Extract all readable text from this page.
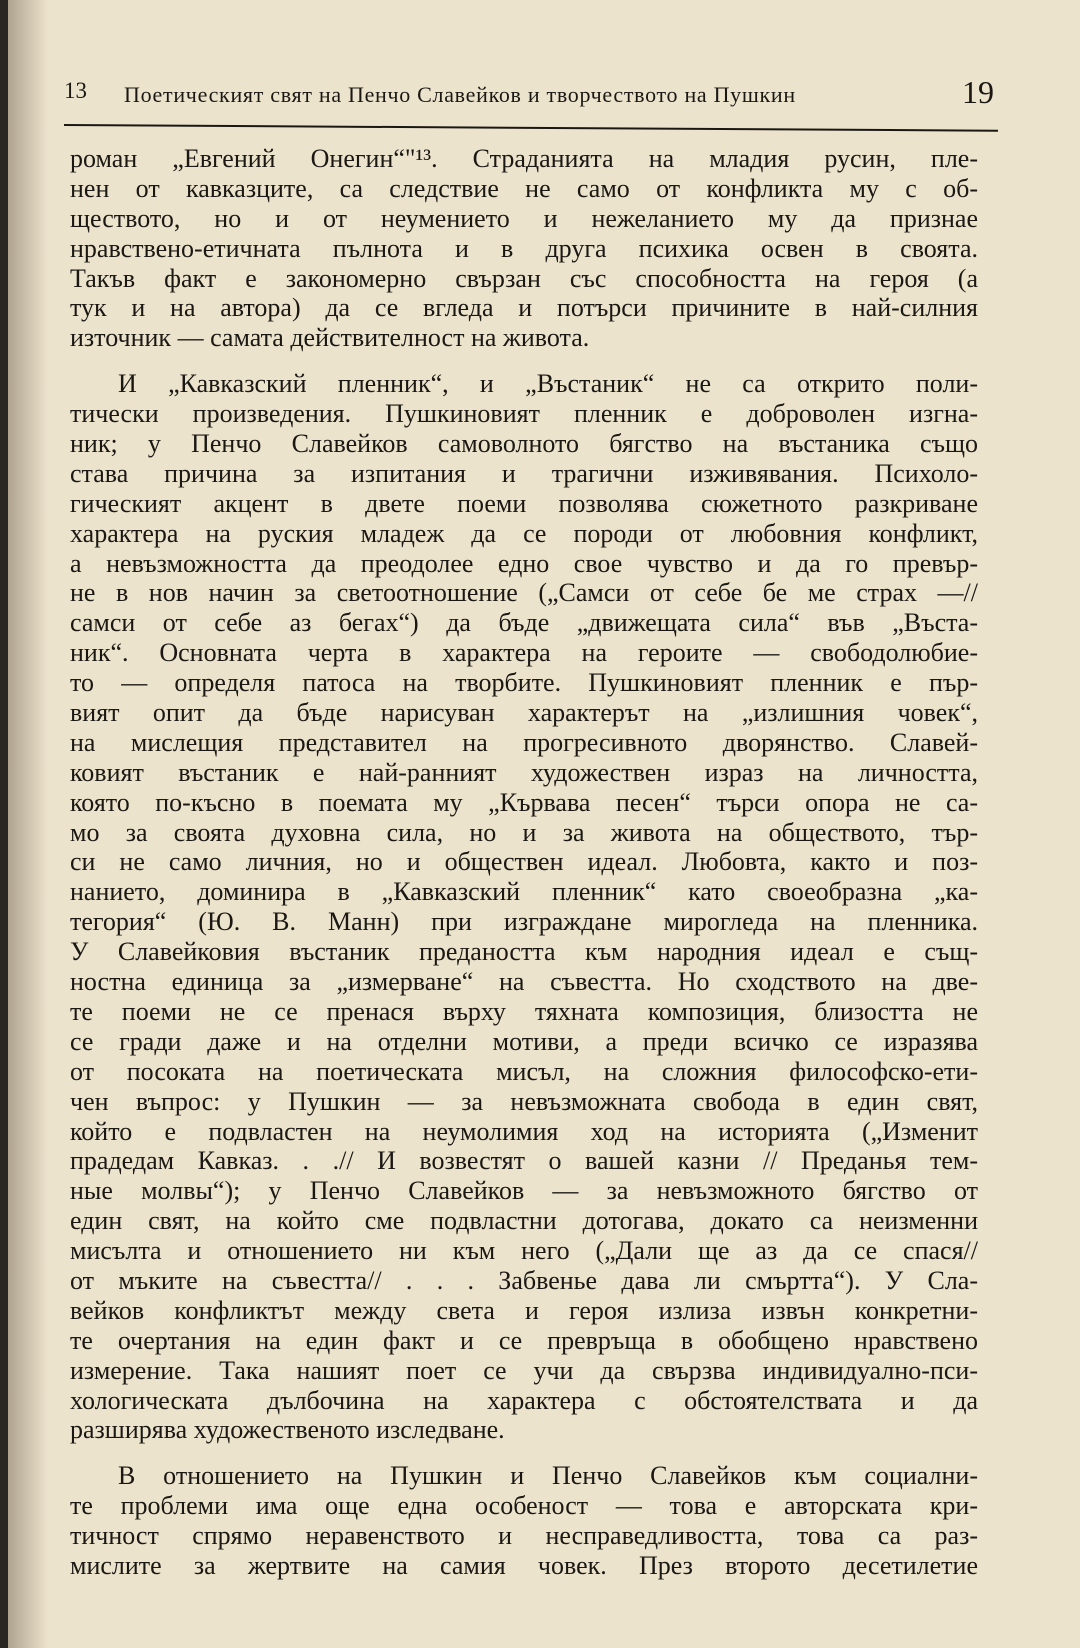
13 Поетическият свят на Пенчо Славейков и творчеството на Пушкин	19
роман „Евгений Онегин“"¹³. Страданията на младия русин, пле-
нен от кавказците, са следствие не само от конфликта му с об-
ществото, но и от неумението и нежеланието му да признае
нравствено-етичната пълнота и в друга психика освен в своята.
Такъв факт е закономерно свързан със способността на героя (а
тук и на автора) да се вгледа и потърси причините в най-силния
източник — самата действителност на живота.
И „Кавказский пленник“, и „Въстаник“ не са открито поли-
тически произведения. Пушкиновият пленник е доброволен изгна-
ник; у Пенчо Славейков самоволното бягство на въстаника също
става причина за изпитания и трагични изживявания. Психоло-
гическият акцент в двете поеми позволява сюжетното разкриване
характера на руския младеж да се породи от любовния конфликт,
а невъзможността да преодолее едно свое чувство и да го превър-
не в нов начин за светоотношение („Самси от себе бе ме страх —//
самси от себе аз бегах“) да бъде „движещата сила“ във „Въста-
ник“. Основната черта в характера на героите — свободолюбие-
то — определя патоса на творбите. Пушкиновият пленник е пър-
вият опит да бъде нарисуван характерът на „излишния човек“,
на мислещия представител на прогресивното дворянство. Славей-
ковият въстаник е най-ранният художествен израз на личността,
която по-късно в поемата му „Кървава песен“ търси опора не са-
мо за своята духовна сила, но и за живота на обществото, тър-
си не само личния, но и обществен идеал. Любовта, както и поз-
нанието, доминира в „Кавказский пленник“ като своеобразна „ка-
тегория“ (Ю. В. Манн) при изграждане мирогледа на пленника.
У Славейковия въстаник предаността към народния идеал е същ-
ностна единица за „измерване“ на съвестта. Но сходството на две-
те поеми не се пренася върху тяхната композиция, близостта не
се гради даже и на отделни мотиви, а преди всичко се изразява
от посоката на поетическата мисъл, на сложния философско-ети-
чен въпрос: у Пушкин — за невъзможната свобода в един свят,
който е подвластен на неумолимия ход на историята („Изменит
прадедам Кавказ. . .// И возвестят о вашей казни // Преданья тем-
ные молвы“); у Пенчо Славейков — за невъзможното бягство от
един свят, на който сме подвластни дотогава, докато са неизменни
мисълта и отношението ни към него („Дали ще аз да се спася//
от мъките на съвестта// . . . Забвенье дава ли смъртта“). У Сла-
вейков конфликтът между света и героя излиза извън конкретни-
те очертания на един факт и се превръща в обобщено нравствено
измерение. Така нашият поет се учи да свързва индивидуално-пси-
хологическата дълбочина на характера с обстоятелствата и да
разширява художественото изследване.
В отношението на Пушкин и Пенчо Славейков към социални-
те проблеми има още една особеност — това е авторската кри-
тичност спрямо неравенството и несправедливостта, това са раз-
мислите за жертвите на самия човек. През второто десетилетие
